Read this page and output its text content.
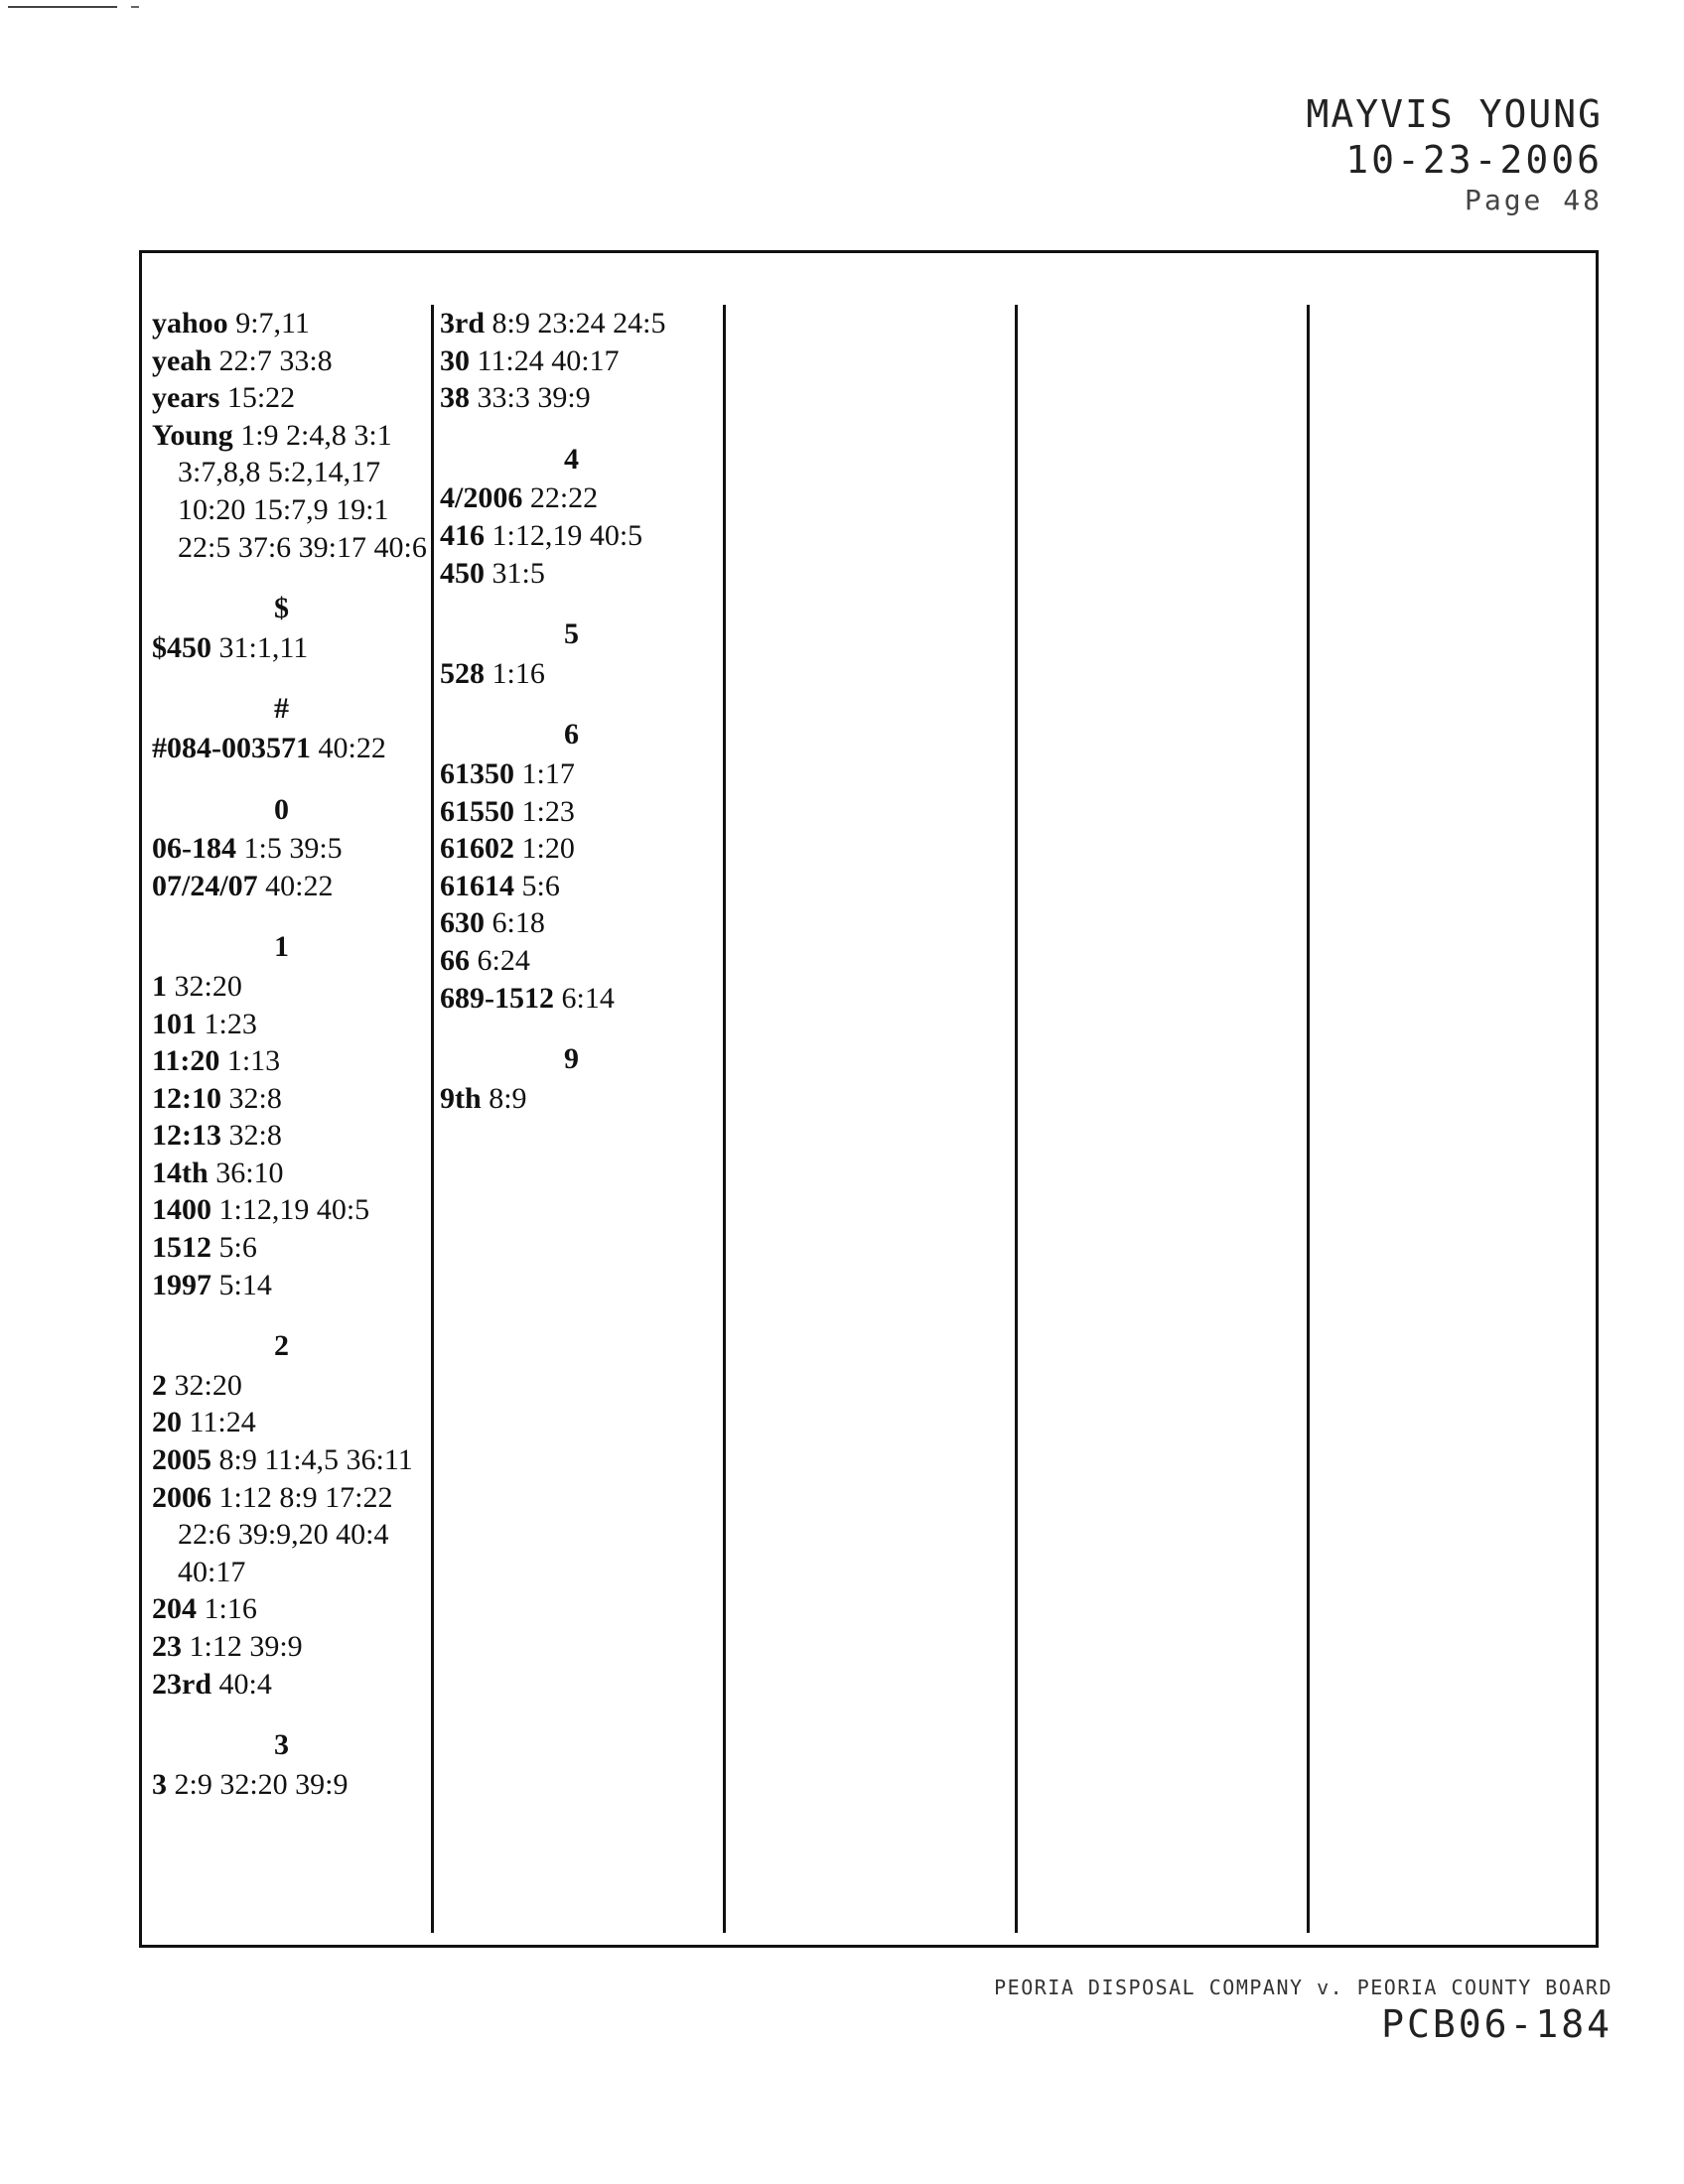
MAYVIS YOUNG
10-23-2006
Page 48
yahoo 9:7,11
yeah 22:7 33:8
years 15:22
Young 1:9 2:4,8 3:1 3:7,8,8 5:2,14,17 10:20 15:7,9 19:1 22:5 37:6 39:17 40:6
$
$450 31:1,11
#
#084-003571 40:22
0
06-184 1:5 39:5
07/24/07 40:22
1
1 32:20
101 1:23
11:20 1:13
12:10 32:8
12:13 32:8
14th 36:10
1400 1:12,19 40:5
1512 5:6
1997 5:14
2
2 32:20
20 11:24
2005 8:9 11:4,5 36:11
2006 1:12 8:9 17:22 22:6 39:9,20 40:4 40:17
204 1:16
23 1:12 39:9
23rd 40:4
3
3 2:9 32:20 39:9
3rd 8:9 23:24 24:5
30 11:24 40:17
38 33:3 39:9
4
4/2006 22:22
416 1:12,19 40:5
450 31:5
5
528 1:16
6
61350 1:17
61550 1:23
61602 1:20
61614 5:6
630 6:18
66 6:24
689-1512 6:14
9
9th 8:9
PEORIA DISPOSAL COMPANY v. PEORIA COUNTY BOARD
PCB06-184
